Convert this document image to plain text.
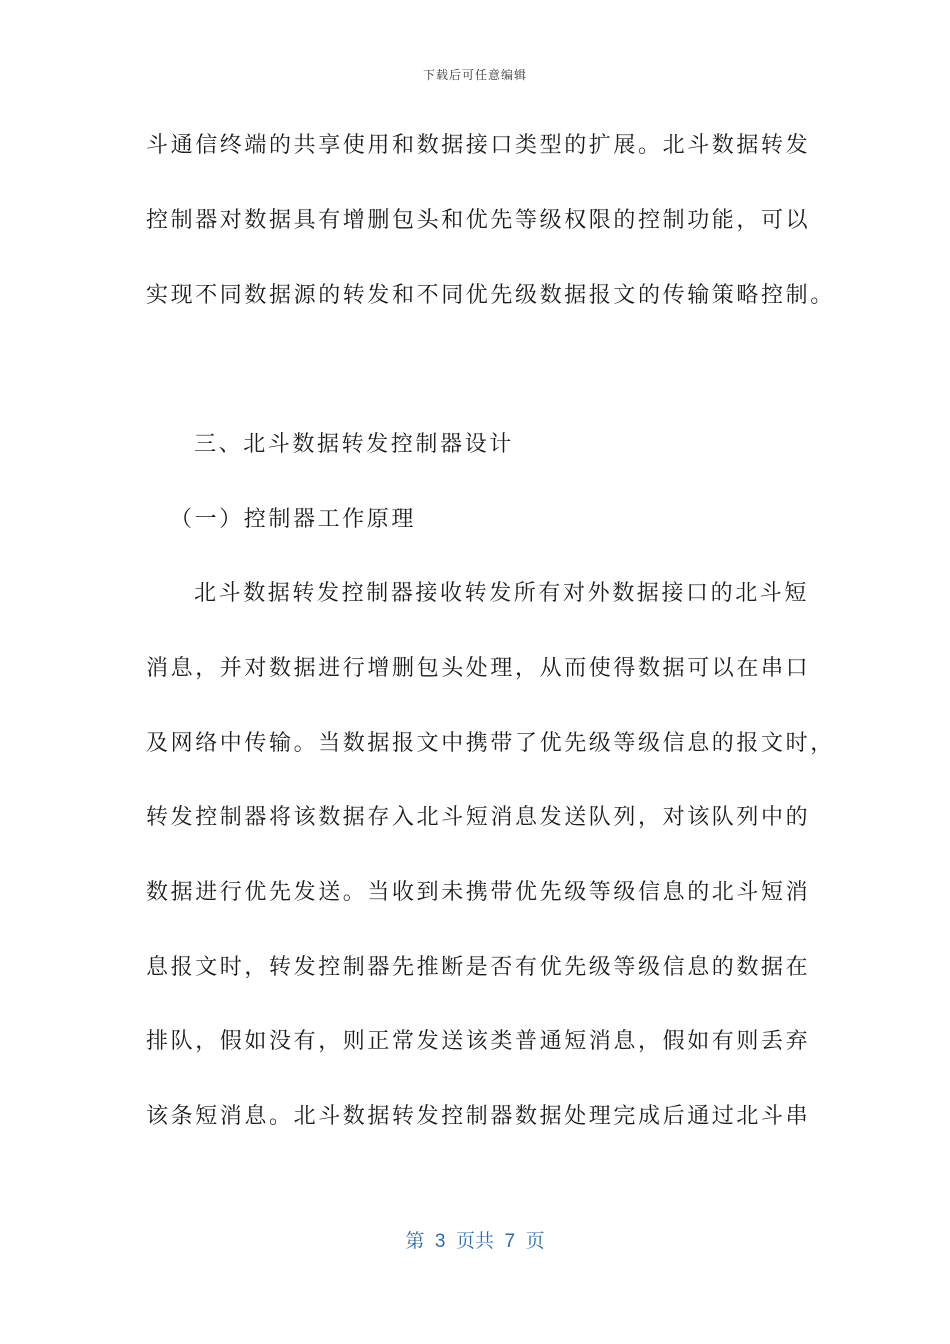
下载后可任意编辑
斗通信终端的共享使用和数据接口类型的扩展。北斗数据转发
控制器对数据具有增删包头和优先等级权限的控制功能，可以
实现不同数据源的转发和不同优先级数据报文的传输策略控制。
三、北斗数据转发控制器设计
（一）控制器工作原理
北斗数据转发控制器接收转发所有对外数据接口的北斗短
消息，并对数据进行增删包头处理，从而使得数据可以在串口
及网络中传输。当数据报文中携带了优先级等级信息的报文时，
转发控制器将该数据存入北斗短消息发送队列，对该队列中的
数据进行优先发送。当收到未携带优先级等级信息的北斗短消
息报文时，转发控制器先推断是否有优先级等级信息的数据在
排队，假如没有，则正常发送该类普通短消息，假如有则丢弃
该条短消息。北斗数据转发控制器数据处理完成后通过北斗串
第  3  页共  7  页
